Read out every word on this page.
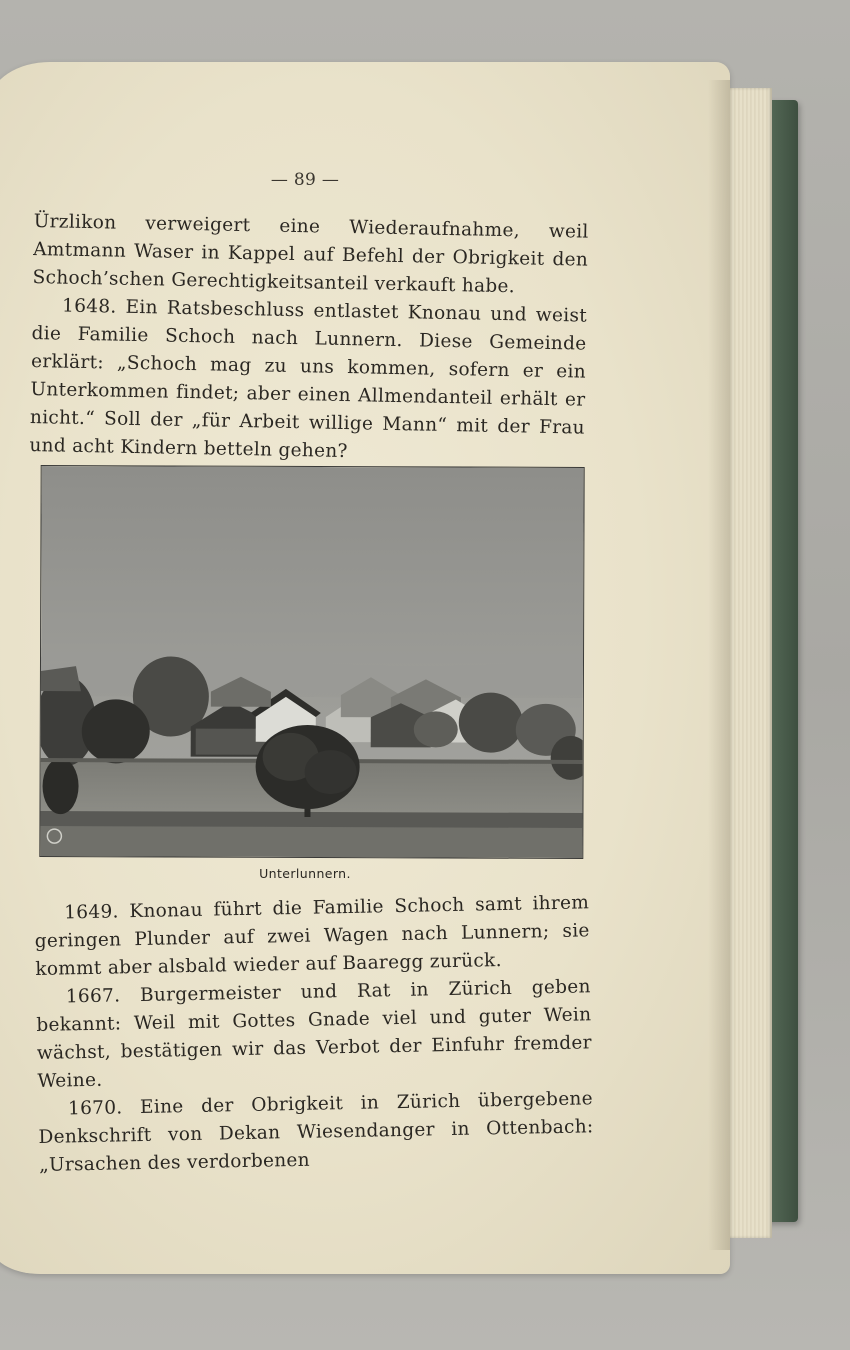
— 89 —

Ürzlikon verweigert eine Wiederaufnahme, weil Amtmann Waser in Kappel auf Befehl der Obrigkeit den Schoch’schen Gerechtigkeitsanteil verkauft habe.

1648. Ein Ratsbeschluss entlastet Knonau und weist die Familie Schoch nach Lunnern. Diese Gemeinde erklärt: „Schoch mag zu uns kommen, sofern er ein Unterkommen findet; aber einen Allmendanteil erhält er nicht.“ Soll der „für Arbeit willige Mann“ mit der Frau und acht Kindern betteln gehen?

Unterlunnern.

1649. Knonau führt die Familie Schoch samt ihrem geringen Plunder auf zwei Wagen nach Lunnern; sie kommt aber alsbald wieder auf Baaregg zurück.

1667. Burgermeister und Rat in Zürich geben bekannt: Weil mit Gottes Gnade viel und guter Wein wächst, bestätigen wir das Verbot der Einfuhr fremder Weine.

1670. Eine der Obrigkeit in Zürich übergebene Denkschrift von Dekan Wiesendanger in Ottenbach: „Ursachen des verdorbenen
